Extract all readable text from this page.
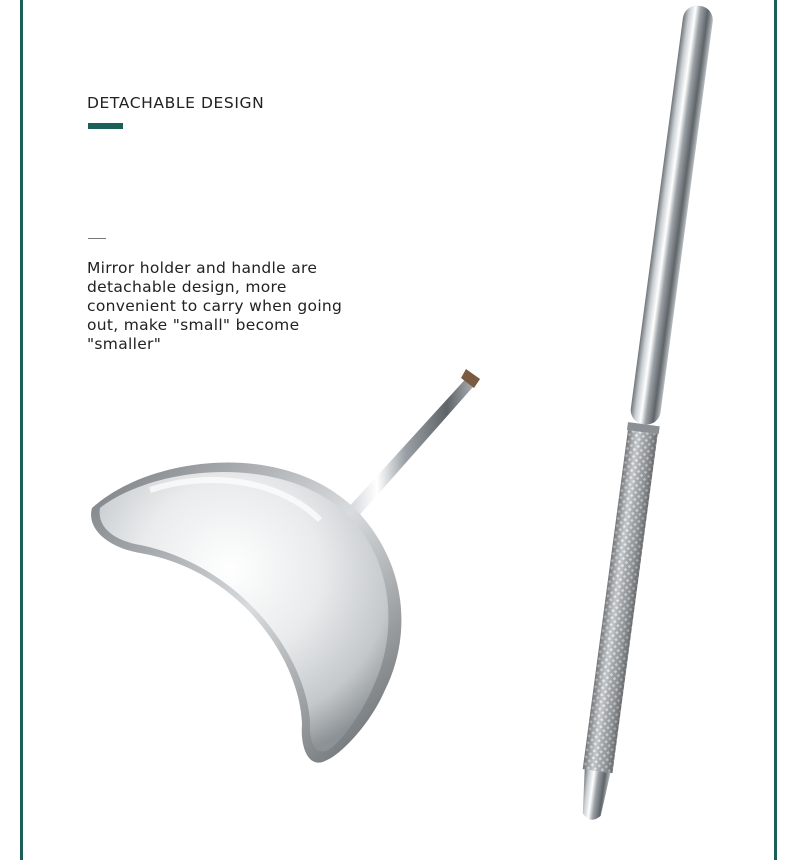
DETACHABLE DESIGN

Mirror holder and handle are detachable design, more convenient to carry when going out, make "small" become "smaller"
